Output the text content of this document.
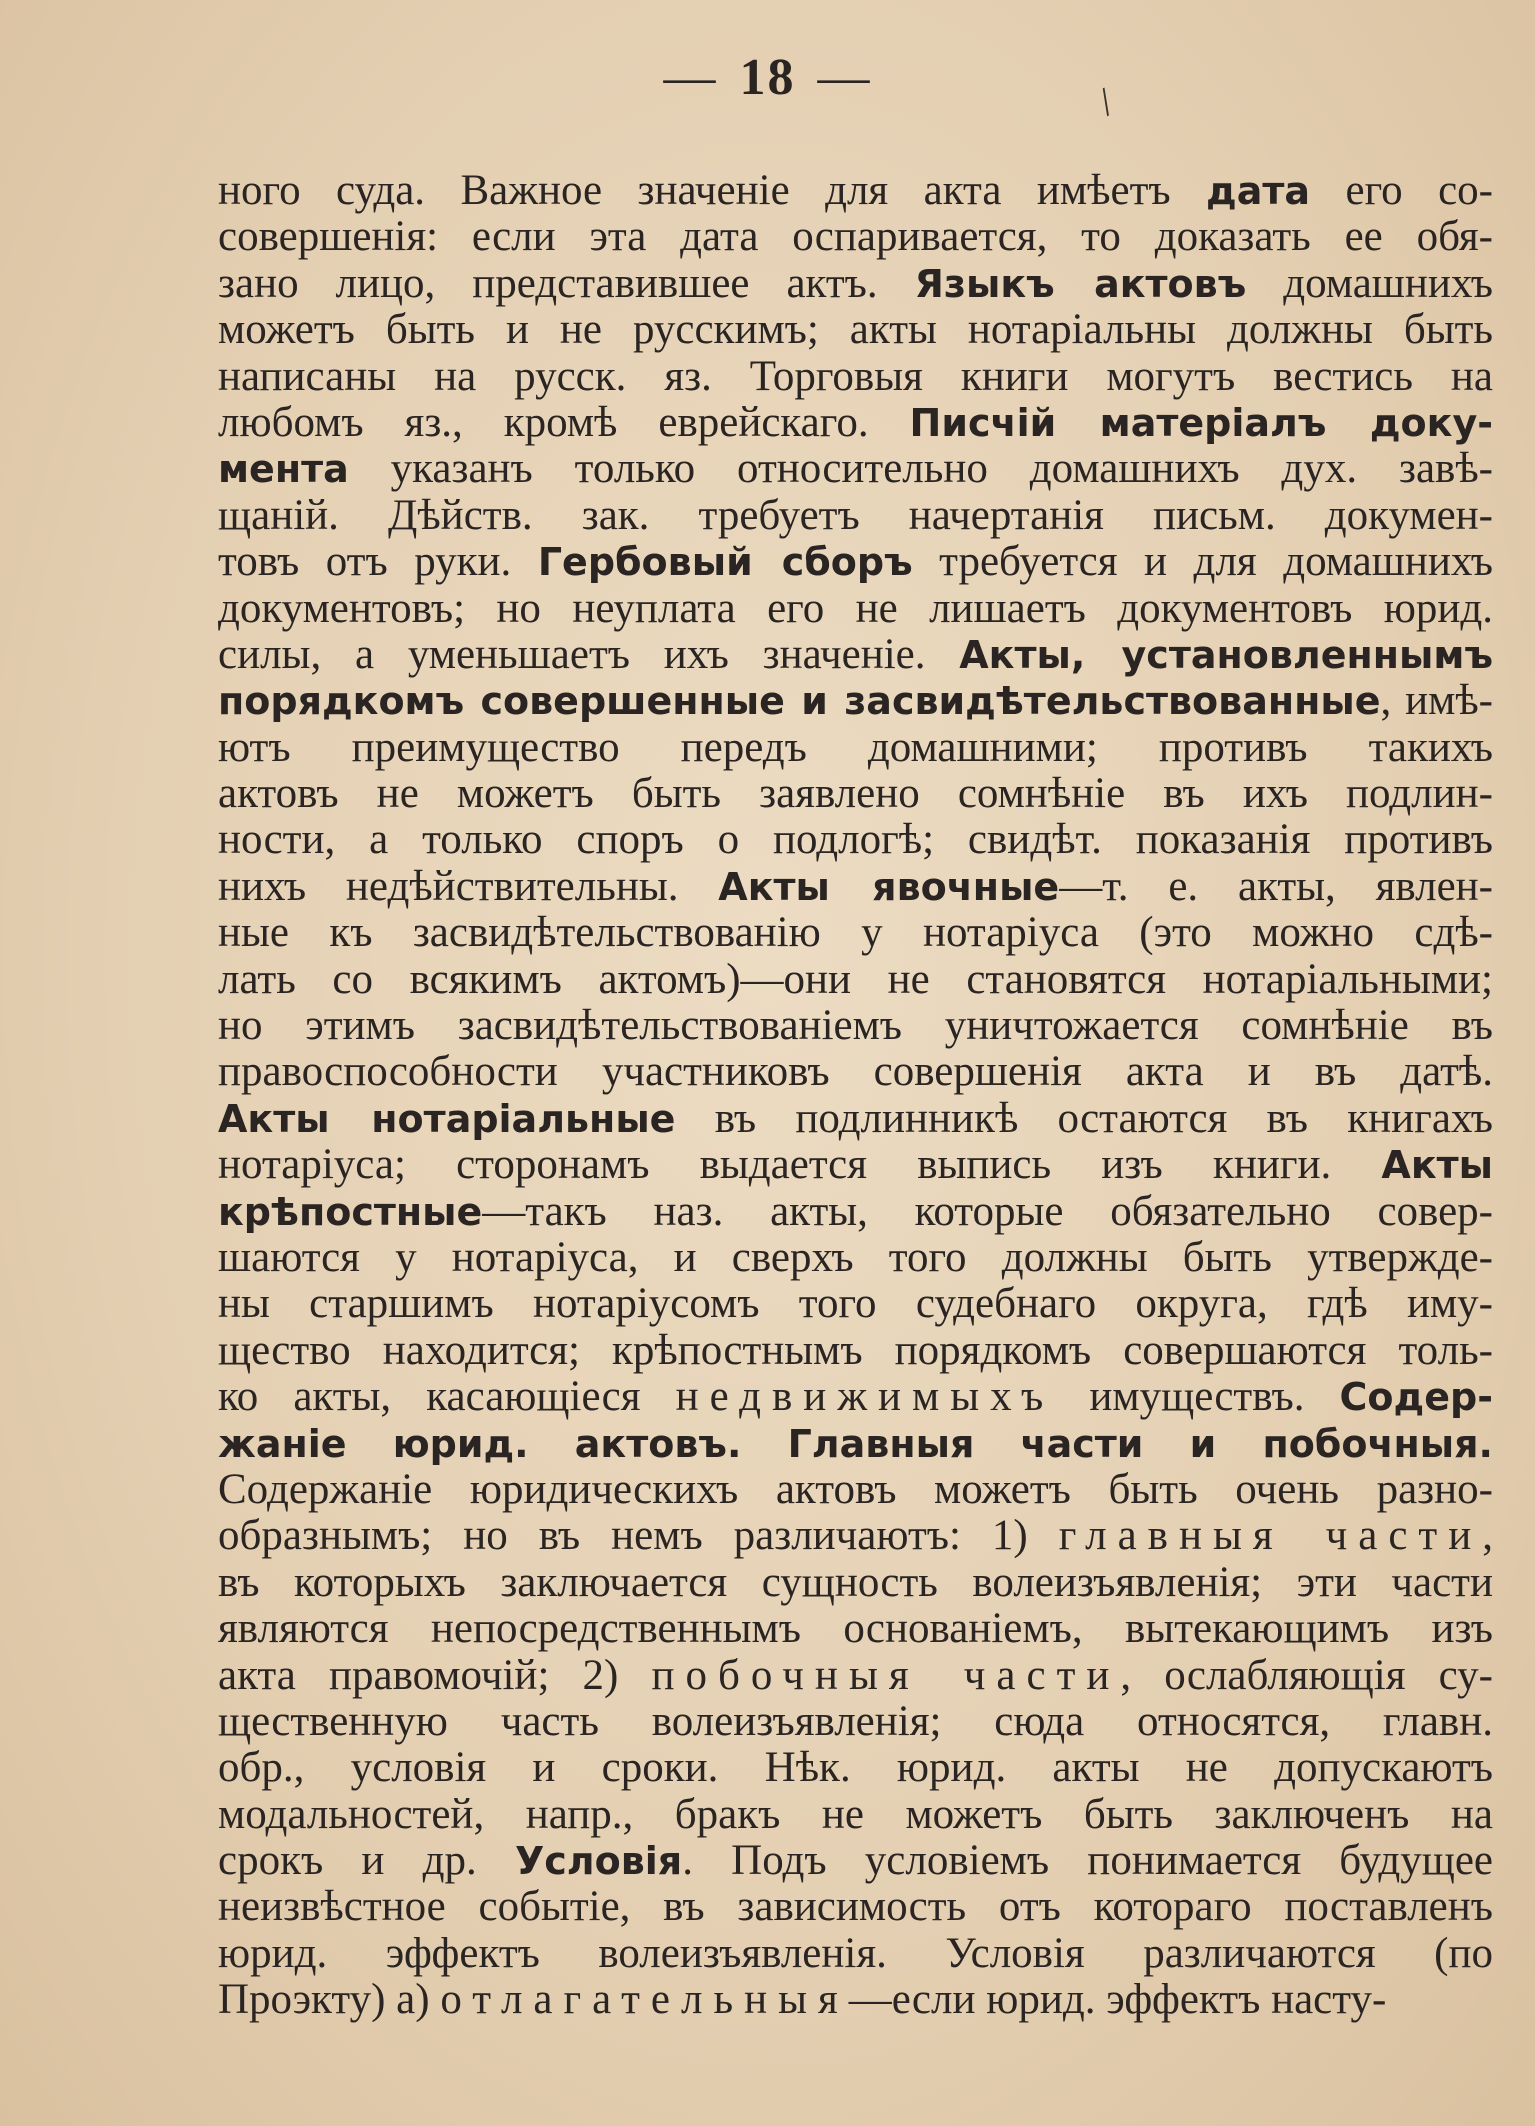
— 18 —	/
ного суда. Важное значеніе для акта имѣетъ дата его со-
совершенія: если эта дата оспаривается, то доказать ее обя-
зано лицо, представившее актъ. Языкъ актовъ домашнихъ
можетъ быть и не русскимъ; акты нотаріальны должны быть
написаны на русск. яз. Торговыя книги могутъ вестись на
любомъ яз., кромѣ еврейскаго. Писчій матеріалъ доку-
мента указанъ только относительно домашнихъ дух. завѣ-
щаній. Дѣйств. зак. требуетъ начертанія письм. докумен-
товъ отъ руки. Гербовый сборъ требуется и для домашнихъ
документовъ; но неуплата его не лишаетъ документовъ юрид.
силы, а уменьшаетъ ихъ значеніе. Акты, установленнымъ
порядкомъ совершенные и засвидѣтельствованные, имѣ-
ютъ преимущество передъ домашними; противъ такихъ
актовъ не можетъ быть заявлено сомнѣніе въ ихъ подлин-
ности, а только споръ о подлогѣ; свидѣт. показанія противъ
нихъ недѣйствительны. Акты явочные—т. е. акты, явлен-
ные къ засвидѣтельствованію у нотаріуса (это можно сдѣ-
лать со всякимъ актомъ)—они не становятся нотаріальными;
но этимъ засвидѣтельствованіемъ уничтожается сомнѣніе въ
правоспособности участниковъ совершенія акта и въ датѣ.
Акты нотаріальные въ подлинникѣ остаются въ книгахъ
нотаріуса; сторонамъ выдается выпись изъ книги. Акты
крѣпостные—такъ наз. акты, которые обязательно совер-
шаются у нотаріуса, и сверхъ того должны быть утвержде-
ны старшимъ нотаріусомъ того судебнаго округа, гдѣ иму-
щество находится; крѣпостнымъ порядкомъ совершаются толь-
ко акты, касающіеся недвижимыхъ имуществъ. Содер-
жаніе юрид. актовъ. Главныя части и побочныя.
Содержаніе юридическихъ актовъ можетъ быть очень разно-
образнымъ; но въ немъ различаютъ: 1) главныя части,
въ которыхъ заключается сущность волеизъявленія; эти части
являются непосредственнымъ основаніемъ, вытекающимъ изъ
акта правомочій; 2) побочныя части, ослабляющія су-
щественную часть волеизъявленія; сюда относятся, главн.
обр., условія и сроки. Нѣк. юрид. акты не допускаютъ
модальностей, напр., бракъ не можетъ быть заключенъ на
срокъ и др. Условія. Подъ условіемъ понимается будущее
неизвѣстное событіе, въ зависимость отъ котораго поставленъ
юрид. эффектъ волеизъявленія. Условія различаются (по
Проэкту) а) отлагательныя—если юрид. эффектъ насту-
